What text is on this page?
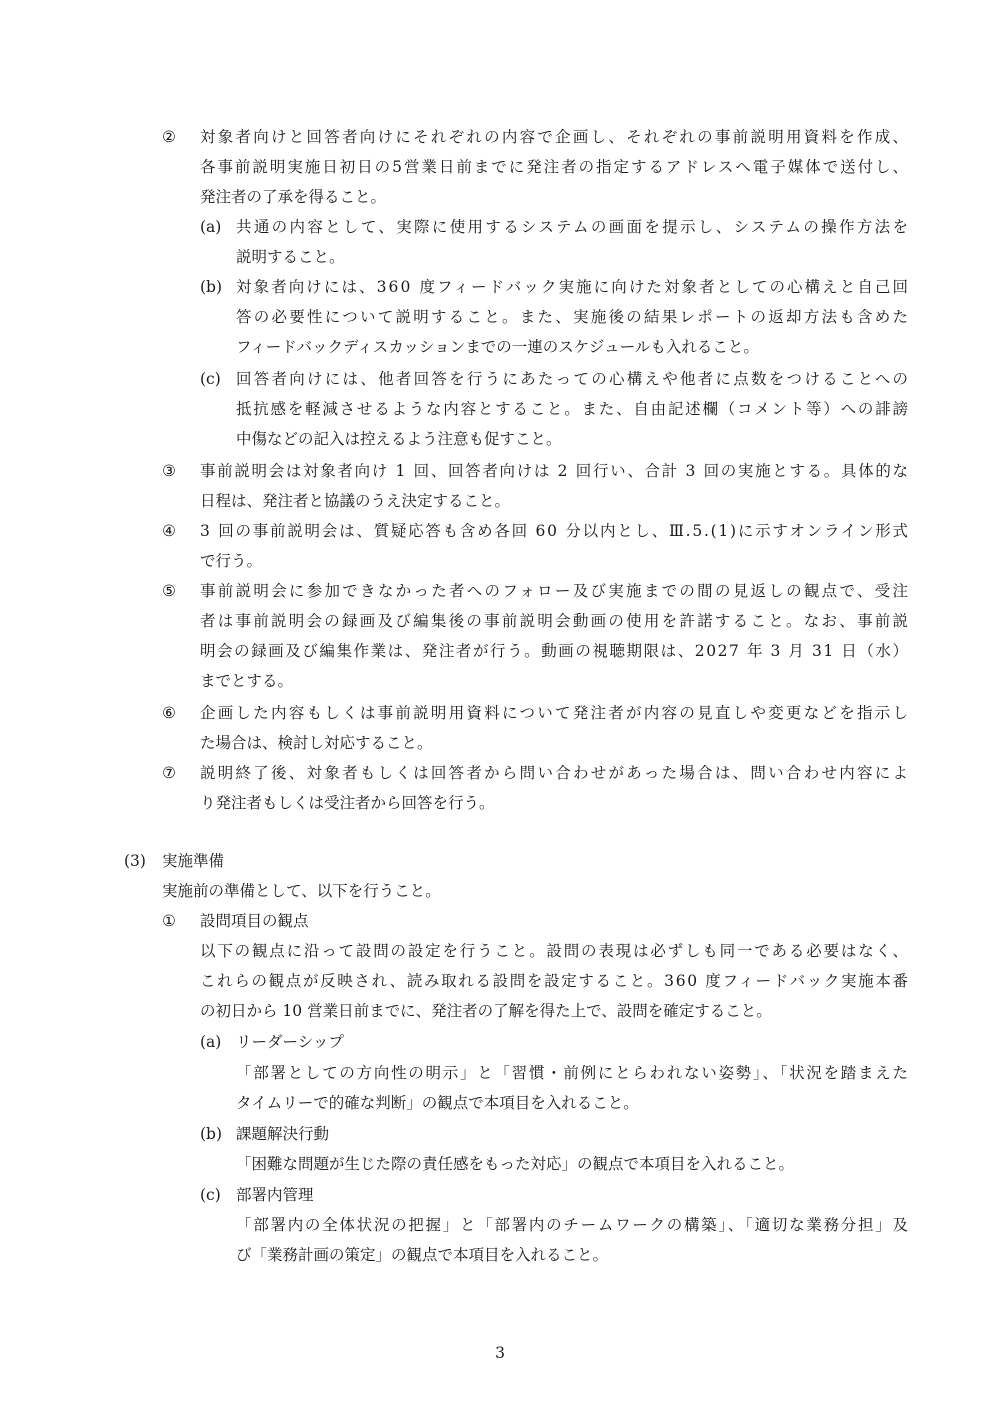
② 対象者向けと回答者向けにそれぞれの内容で企画し、それぞれの事前説明用資料を作成、
各事前説明実施日初日の5営業日前までに発注者の指定するアドレスへ電子媒体で送付し、
発注者の了承を得ること。
(a) 共通の内容として、実際に使用するシステムの画面を提示し、システムの操作方法を
説明すること。
(b) 対象者向けには、360 度フィードバック実施に向けた対象者としての心構えと自己回
答の必要性について説明すること。また、実施後の結果レポートの返却方法も含めた
フィードバックディスカッションまでの一連のスケジュールも入れること。
(c) 回答者向けには、他者回答を行うにあたっての心構えや他者に点数をつけることへの
抵抗感を軽減させるような内容とすること。また、自由記述欄（コメント等）への誹謗
中傷などの記入は控えるよう注意も促すこと。
③ 事前説明会は対象者向け 1 回、回答者向けは 2 回行い、合計 3 回の実施とする。具体的な
日程は、発注者と協議のうえ決定すること。
④ 3 回の事前説明会は、質疑応答も含め各回 60 分以内とし、Ⅲ.5.(1)に示すオンライン形式
で行う。
⑤ 事前説明会に参加できなかった者へのフォロー及び実施までの間の見返しの観点で、受注
者は事前説明会の録画及び編集後の事前説明会動画の使用を許諾すること。なお、事前説
明会の録画及び編集作業は、発注者が行う。動画の視聴期限は、2027 年 3 月 31 日（水）
までとする。
⑥ 企画した内容もしくは事前説明用資料について発注者が内容の見直しや変更などを指示し
た場合は、検討し対応すること。
⑦ 説明終了後、対象者もしくは回答者から問い合わせがあった場合は、問い合わせ内容によ
り発注者もしくは受注者から回答を行う。
(3) 実施準備
実施前の準備として、以下を行うこと。
① 設問項目の観点
以下の観点に沿って設問の設定を行うこと。設問の表現は必ずしも同一である必要はなく、
これらの観点が反映され、読み取れる設問を設定すること。360 度フィードバック実施本番
の初日から 10 営業日前までに、発注者の了解を得た上で、設問を確定すること。
(a) リーダーシップ
「部署としての方向性の明示」と「習慣・前例にとらわれない姿勢」、「状況を踏まえた
タイムリーで的確な判断」の観点で本項目を入れること。
(b) 課題解決行動
「困難な問題が生じた際の責任感をもった対応」の観点で本項目を入れること。
(c) 部署内管理
「部署内の全体状況の把握」と「部署内のチームワークの構築」、「適切な業務分担」及
び「業務計画の策定」の観点で本項目を入れること。
3
